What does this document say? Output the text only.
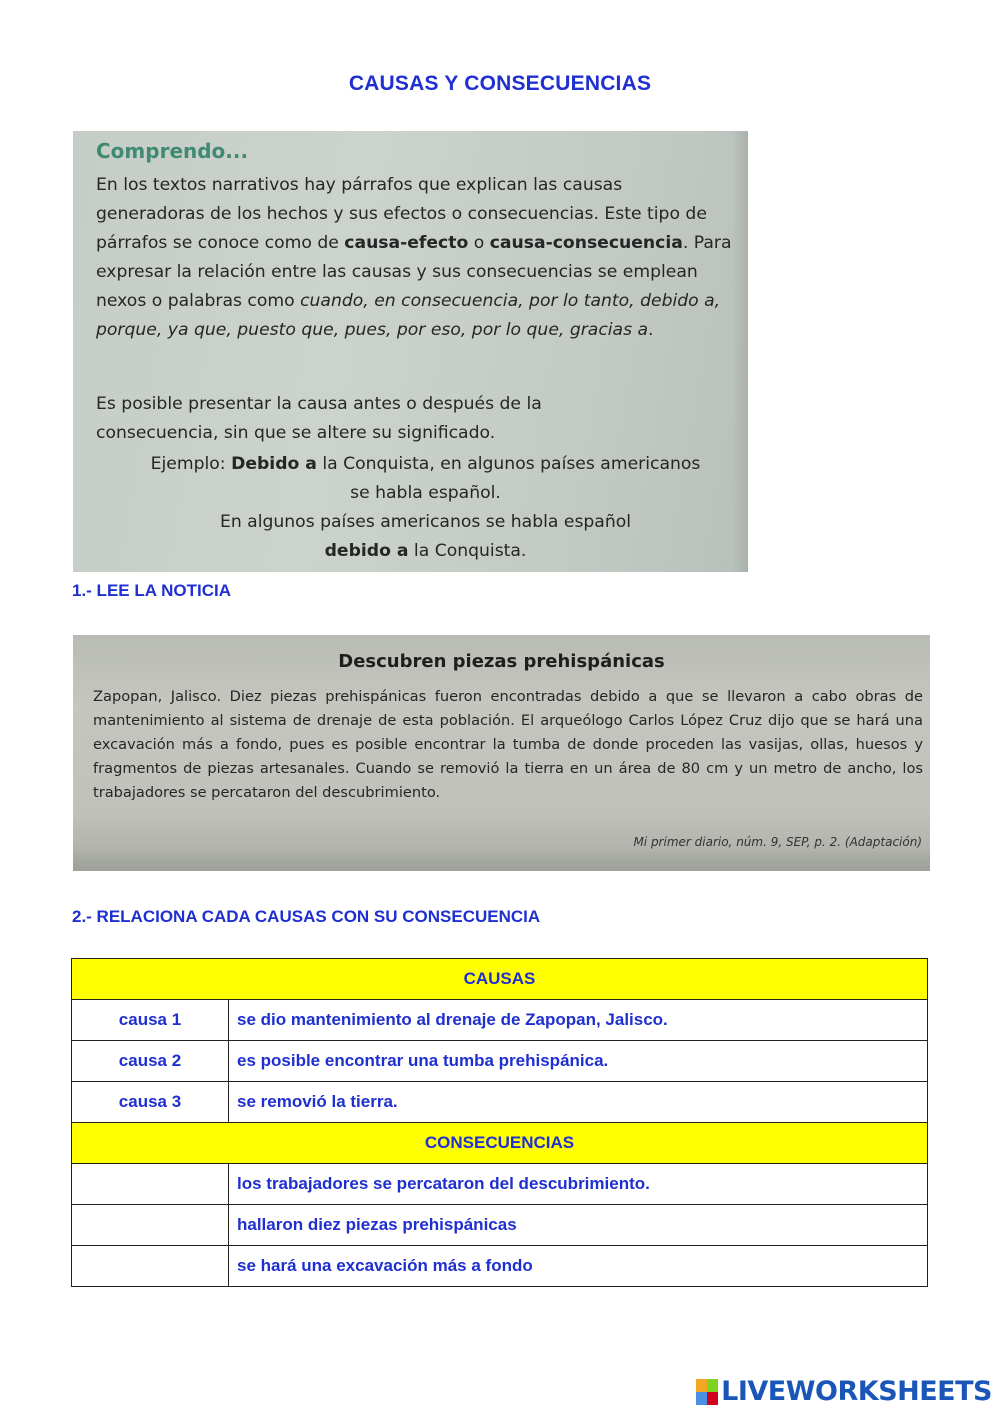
CAUSAS Y CONSECUENCIAS
Comprendo...
En los textos narrativos hay párrafos que explican las causas generadoras de los hechos y sus efectos o consecuencias. Este tipo de párrafos se conoce como de causa-efecto o causa-consecuencia. Para expresar la relación entre las causas y sus consecuencias se emplean nexos o palabras como cuando, en consecuencia, por lo tanto, debido a, porque, ya que, puesto que, pues, por eso, por lo que, gracias a.
Es posible presentar la causa antes o después de la consecuencia, sin que se altere su significado.
Ejemplo: Debido a la Conquista, en algunos países americanos
se habla español.
En algunos países americanos se habla español
debido a la Conquista.
1.- LEE LA NOTICIA
Descubren piezas prehispánicas
Zapopan, Jalisco. Diez piezas prehispánicas fueron encontradas debido a que se llevaron a cabo obras de mantenimiento al sistema de drenaje de esta población. El arqueólogo Carlos López Cruz dijo que se hará una excavación más a fondo, pues es posible encontrar la tumba de donde proceden las vasijas, ollas, huesos y fragmentos de piezas artesanales. Cuando se removió la tierra en un área de 80 cm y un metro de ancho, los trabajadores se percataron del descubrimiento.
Mi primer diario, núm. 9, SEP, p. 2. (Adaptación)
2.- RELACIONA CADA CAUSAS CON SU CONSECUENCIA
CAUSAS	
causa 1	se dio mantenimiento al drenaje de Zapopan, Jalisco.
causa 2	es posible encontrar una tumba prehispánica.
causa 3	se removió la tierra.
CONSECUENCIAS	
	los trabajadores se percataron del descubrimiento.
	hallaron diez piezas prehispánicas
	se hará una excavación más a fondo
LIVEWORKSHEETS
